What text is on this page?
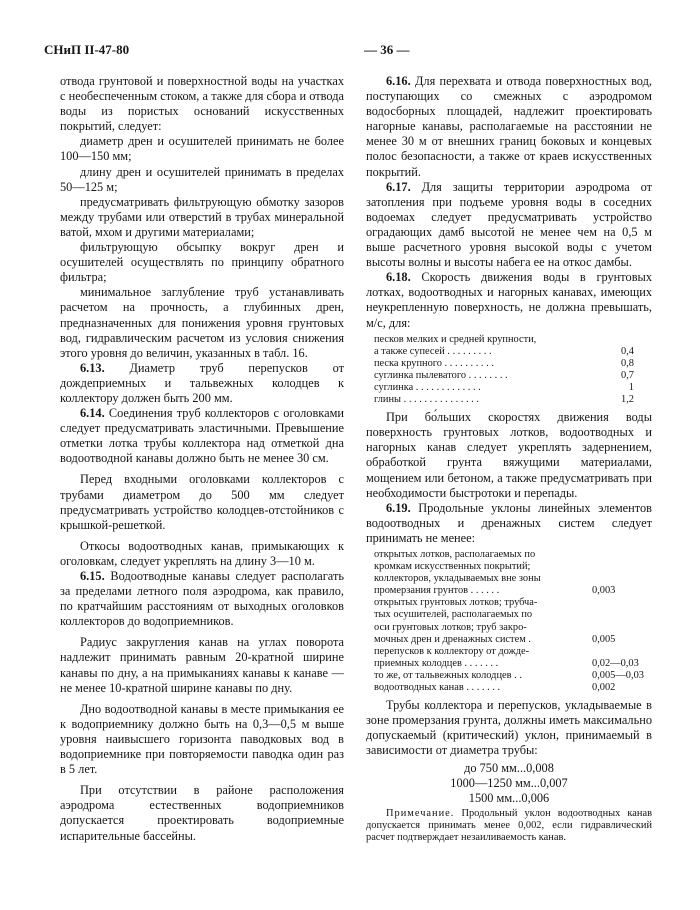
СНиП II-47-80	— 36 —

отвода грунтовой и поверхностной воды на участках с необеспеченным стоком, а также для сбора и отвода воды из пористых оснований искусственных покрытий, следует:

диаметр дрен и осушителей принимать не более 100—150 мм;

длину дрен и осушителей принимать в пределах 50—125 м;

предусматривать фильтрующую обмотку зазоров между трубами или отверстий в трубах минеральной ватой, мхом и другими материалами;

фильтрующую обсыпку вокруг дрен и осушителей осуществлять по принципу обратного фильтра;

минимальное заглубление труб устанавливать расчетом на прочность, а глубинных дрен, предназначенных для понижения уровня грунтовых вод, гидравлическим расчетом из условия снижения этого уровня до величин, указанных в табл. 16.

6.13. Диаметр труб перепусков от дождеприемных и тальвежных колодцев к коллектору должен быть 200 мм.

6.14. Соединения труб коллекторов с оголовками следует предусматривать эластичными. Превышение отметки лотка трубы коллектора над отметкой дна водоотводной канавы должно быть не менее 30 см.

Перед входными оголовками коллекторов с трубами диаметром до 500 мм следует предусматривать устройство колодцев-отстойников с крышкой-решеткой.

Откосы водоотводных канав, примыкающих к оголовкам, следует укреплять на длину 3—10 м.

6.15. Водоотводные канавы следует располагать за пределами летного поля аэродрома, как правило, по кратчайшим расстояниям от выходных оголовков коллекторов до водоприемников.

Радиус закругления канав на углах поворота надлежит принимать равным 20-кратной ширине канавы по дну, а на примыканиях канавы к канаве — не менее 10-кратной ширине канавы по дну.

Дно водоотводной канавы в месте примыкания ее к водоприемнику должно быть на 0,3—0,5 м выше уровня наивысшего горизонта паводковых вод в водоприемнике при повторяемости паводка один раз в 5 лет.

При отсутствии в районе расположения аэродрома естественных водоприемников допускается проектировать водоприемные испарительные бассейны.

6.16. Для перехвата и отвода поверхностных вод, поступающих со смежных с аэродромом водосборных площадей, надлежит проектировать нагорные канавы, располагаемые на расстоянии не менее 30 м от внешних границ боковых и концевых полос безопасности, а также от краев искусственных покрытий.

6.17. Для защиты территории аэродрома от затопления при подъеме уровня воды в соседних водоемах следует предусматривать устройство оградающих дамб высотой не менее чем на 0,5 м выше расчетного уровня высокой воды с учетом высоты волны и высоты набега ее на откос дамбы.

6.18. Скорость движения воды в грунтовых лотках, водоотводных и нагорных канавах, имеющих неукрепленную поверхность, не должна превышать, м/с, для:

песков мелких и средней крупности,
а также супесей . . . . . . . . .	0,4
песка крупного . . . . . . . . . .	0,8
суглинка пылеватого . . . . . . . .	0,7
суглинка . . . . . . . . . . . . .	1
глины . . . . . . . . . . . . . . .	1,2

При бо́льших скоростях движения воды поверхность грунтовых лотков, водоотводных и нагорных канав следует укреплять задернением, обработкой грунта вяжущими материалами, мощением или бетоном, а также предусматривать при необходимости быстротоки и перепады.

6.19. Продольные уклоны линейных элементов водоотводных и дренажных систем следует принимать не менее:

открытых лотков, располагаемых по
кромкам искусственных покрытий;
коллекторов, укладываемых вне зоны
промерзания грунтов . . . . . .	0,003
открытых грунтовых лотков; трубча-
тых осушителей, располагаемых по
оси грунтовых лотков; труб закро-
мочных дрен и дренажных систем .	0,005
перепусков к коллектору от дожде-
приемных колодцев . . . . . . .	0,02—0,03
то же, от тальвежных колодцев . .	0,005—0,03
водоотводных канав . . . . . . .	0,002

Трубы коллектора и перепусков, укладываемые в зоне промерзания грунта, должны иметь максимально допускаемый (критический) уклон, принимаемый в зависимости от диаметра трубы:

до 750 мм...0,008
1000—1250 мм...0,007
1500 мм...0,006

Примечание. Продольный уклон водоотводных канав допускается принимать менее 0,002, если гидравлический расчет подтверждает незаиливаемость канав.
